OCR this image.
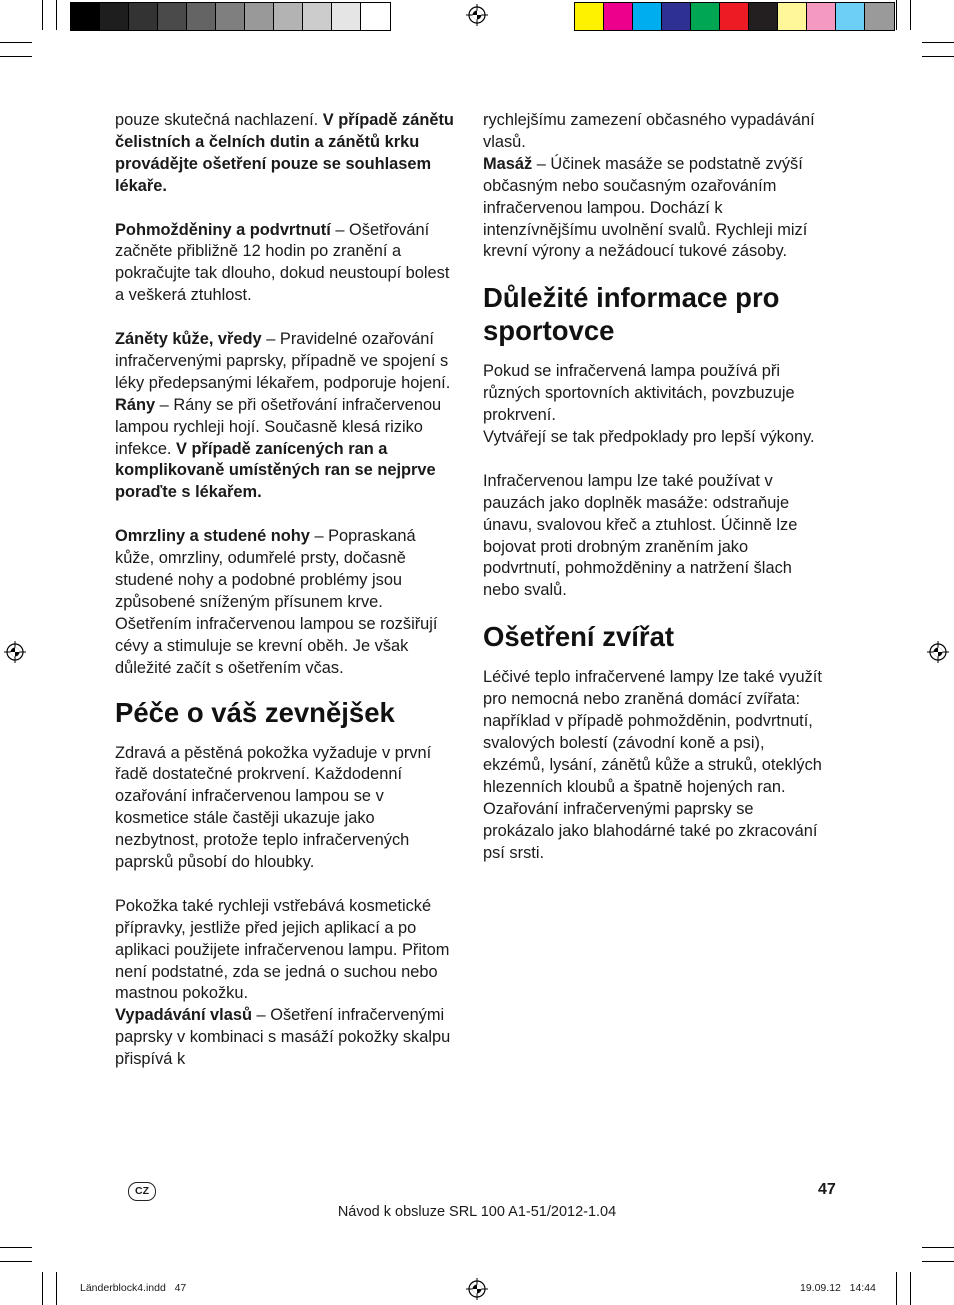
pouze skutečná nachlazení. V případě zánětu čelistních a čelních dutin a zánětů krku provádějte ošetření pouze se souhlasem lékaře.

Pohmožděniny a podvrtnutí – Ošetřování začněte přibližně 12 hodin po zranění a pokračujte tak dlouho, dokud neustoupí bolest a veškerá ztuhlost.

Záněty kůže, vředy – Pravidelné ozařování infračervenými paprsky, případně ve spojení s léky předepsanými lékařem, podporuje hojení.

Rány – Rány se při ošetřování infračervenou lampou rychleji hojí. Současně klesá riziko infekce. V případě zanícených ran a komplikovaně umístěných ran se nejprve poraďte s lékařem.

Omrzliny a studené nohy – Popraskaná kůže, omrzliny, odumřelé prsty, dočasně studené nohy a podobné problémy jsou způsobené sníženým přísunem krve. Ošetřením infračervenou lampou se rozšiřují cévy a stimuluje se krevní oběh. Je však důležité začít s ošetřením včas.

Péče o váš zevnějšek

Zdravá a pěstěná pokožka vyžaduje v první řadě dostatečné prokrvení. Každodenní ozařování infračervenou lampou se v kosmetice stále častěji ukazuje jako nezbytnost, protože teplo infračervených paprsků působí do hloubky.

Pokožka také rychleji vstřebává kosmetické přípravky, jestliže před jejich aplikací a po aplikaci použijete infračervenou lampu. Přitom není podstatné, zda se jedná o suchou nebo mastnou pokožku.

Vypadávání vlasů – Ošetření infračervenými paprsky v kombinaci s masáží pokožky skalpu přispívá k

rychlejšímu zamezení občasného vypadávání vlasů.

Masáž – Účinek masáže se podstatně zvýší občasným nebo současným ozařováním infračervenou lampou. Dochází k intenzívnějšímu uvolnění svalů. Rychleji mizí krevní výrony a nežádoucí tukové zásoby.

Důležité informace pro sportovce

Pokud se infračervená lampa používá při různých sportovních aktivitách, povzbuzuje prokrvení.

Vytvářejí se tak předpoklady pro lepší výkony.

Infračervenou lampu lze také používat v pauzách jako doplněk masáže: odstraňuje únavu, svalovou křeč a ztuhlost. Účinně lze bojovat proti drobným zraněním jako podvrtnutí, pohmožděniny a natržení šlach nebo svalů.

Ošetření zvířat

Léčivé teplo infračervené lampy lze také využít pro nemocná nebo zraněná domácí zvířata: například v případě pohmožděnin, podvrtnutí, svalových bolestí (závodní koně a psi), ekzémů, lysání, zánětů kůže a struků, oteklých hlezenních kloubů a špatně hojených ran. Ozařování infračervenými paprsky se prokázalo jako blahodárné také po zkracování psí srsti.

CZ	47
Návod k obsluze SRL 100 A1-51/2012-1.04
Länderblock4.indd   47	19.09.12   14:44
